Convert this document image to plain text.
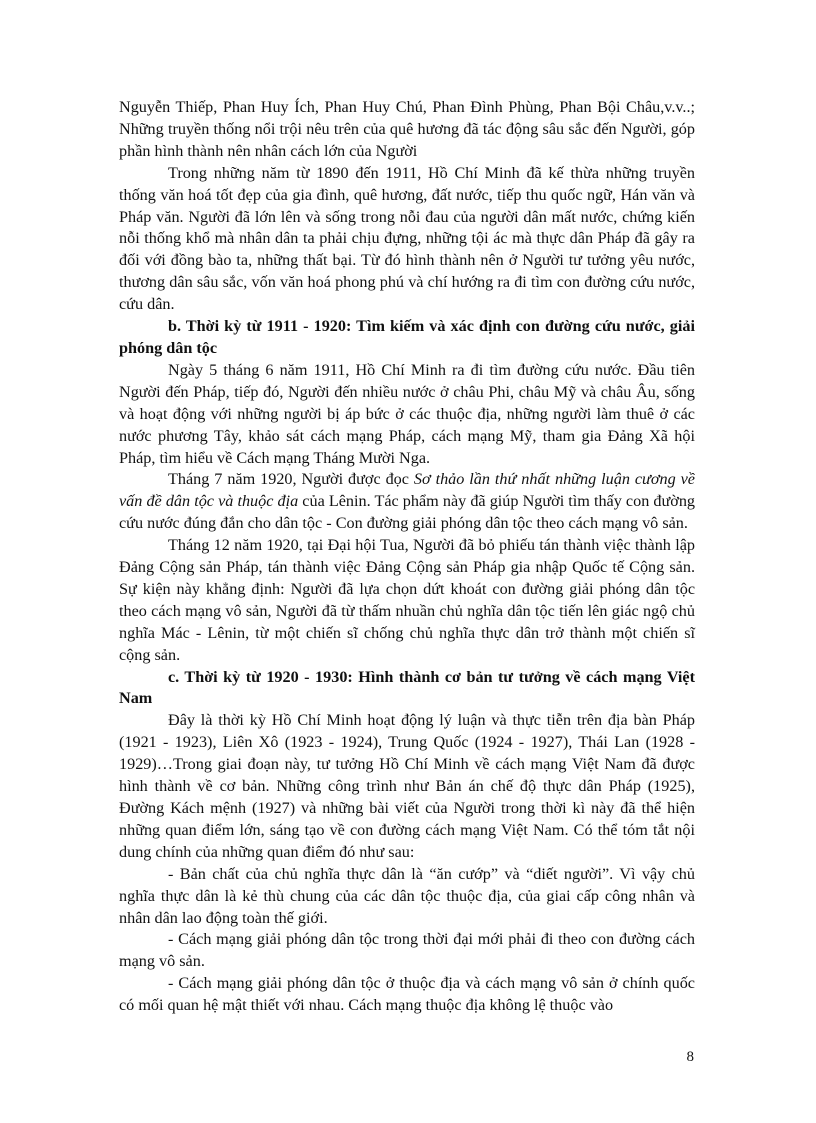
Nguyễn Thiếp, Phan Huy Ích, Phan Huy Chú, Phan Đình Phùng, Phan Bội Châu,v.v..; Những truyền thống nổi trội nêu trên của quê hương đã tác động sâu sắc đến Người, góp phần hình thành nên nhân cách lớn của Người

Trong những năm từ 1890 đến 1911, Hồ Chí Minh đã kế thừa những truyền thống văn hoá tốt đẹp của gia đình, quê hương, đất nước, tiếp thu quốc ngữ, Hán văn và Pháp văn. Người đã lớn lên và sống trong nỗi đau của người dân mất nước, chứng kiến nỗi thống khổ mà nhân dân ta phải chịu đựng, những tội ác mà thực dân Pháp đã gây ra đối với đồng bào ta, những thất bại. Từ đó hình thành nên ở Người tư tưởng yêu nước, thương dân sâu sắc, vốn văn hoá phong phú và chí hướng ra đi tìm con đường cứu nước, cứu dân.

b. Thời kỳ từ 1911 - 1920: Tìm kiếm và xác định con đường cứu nước, giải phóng dân tộc

Ngày 5 tháng 6 năm 1911, Hồ Chí Minh ra đi tìm đường cứu nước. Đầu tiên Người đến Pháp, tiếp đó, Người đến nhiều nước ở châu Phi, châu Mỹ và châu Âu, sống và hoạt động với những người bị áp bức ở các thuộc địa, những người làm thuê ở các nước phương Tây, khảo sát cách mạng Pháp, cách mạng Mỹ, tham gia Đảng Xã hội Pháp, tìm hiểu về Cách mạng Tháng Mười Nga.

Tháng 7 năm 1920, Người được đọc Sơ thảo lần thứ nhất những luận cương về vấn đề dân tộc và thuộc địa của Lênin. Tác phẩm này đã giúp Người tìm thấy con đường cứu nước đúng đắn cho dân tộc - Con đường giải phóng dân tộc theo cách mạng vô sản.

Tháng 12 năm 1920, tại Đại hội Tua, Người đã bỏ phiếu tán thành việc thành lập Đảng Cộng sản Pháp, tán thành việc Đảng Cộng sản Pháp gia nhập Quốc tế Cộng sản. Sự kiện này khẳng định: Người đã lựa chọn dứt khoát con đường giải phóng dân tộc theo cách mạng vô sản, Người đã từ thấm nhuần chủ nghĩa dân tộc tiến lên giác ngộ chủ nghĩa Mác - Lênin, từ một chiến sĩ chống chủ nghĩa thực dân trở thành một chiến sĩ cộng sản.

c. Thời kỳ từ 1920 - 1930: Hình thành cơ bản tư tưởng về cách mạng Việt Nam

Đây là thời kỳ Hồ Chí Minh hoạt động lý luận và thực tiễn trên địa bàn Pháp (1921 - 1923), Liên Xô (1923 - 1924), Trung Quốc (1924 - 1927), Thái Lan (1928 - 1929)…Trong giai đoạn này, tư tưởng Hồ Chí Minh về cách mạng Việt Nam đã được hình thành về cơ bản. Những công trình như Bản án chế độ thực dân Pháp (1925), Đường Kách mệnh (1927) và những bài viết của Người trong thời kì này đã thể hiện những quan điểm lớn, sáng tạo về con đường cách mạng Việt Nam. Có thể tóm tắt nội dung chính của những quan điểm đó như sau:

- Bản chất của chủ nghĩa thực dân là “ăn cướp” và “diết người”. Vì vậy chủ nghĩa thực dân là kẻ thù chung của các dân tộc thuộc địa, của giai cấp công nhân và nhân dân lao động toàn thế giới.

- Cách mạng giải phóng dân tộc trong thời đại mới phải đi theo con đường cách mạng vô sản.

- Cách mạng giải phóng dân tộc ở thuộc địa và cách mạng vô sản ở chính quốc có mối quan hệ mật thiết với nhau. Cách mạng thuộc địa không lệ thuộc vào

8
